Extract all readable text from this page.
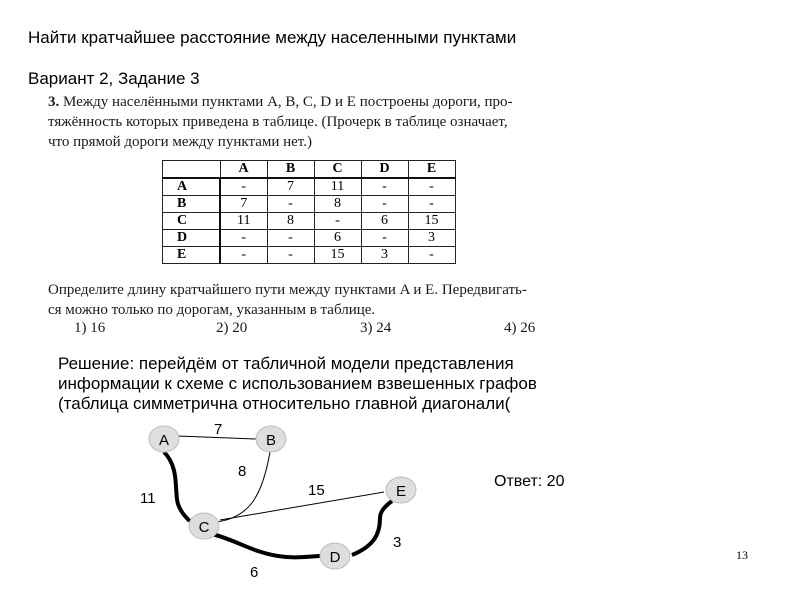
Найти кратчайшее расстояние между населенными пунктами
Вариант 2, Задание 3
3. Между населёнными пунктами A, B, C, D и E построены дороги, про-
тяжённость которых приведена в таблице. (Прочерк в таблице означает,
что прямой дороги между пунктами нет.)
Определите длину кратчайшего пути между пунктами A и E. Передвигать-
ся можно только по дорогам, указанным в таблице.
1) 16	2) 20	3) 24	4) 26
	A	B	C	D	E
A	-	7	11	-	-
B	7	-	8	-	-
C	11	8	-	6	15
D	-	-	6	-	3
E	-	-	15	3	-
Решение: перейдём от табличной модели представления
информации к схеме с использованием взвешенных графов
(таблица симметрична относительно главной диагонали(
A	B
C
D
E
7
8
11	15
6
3
Ответ: 20
13
